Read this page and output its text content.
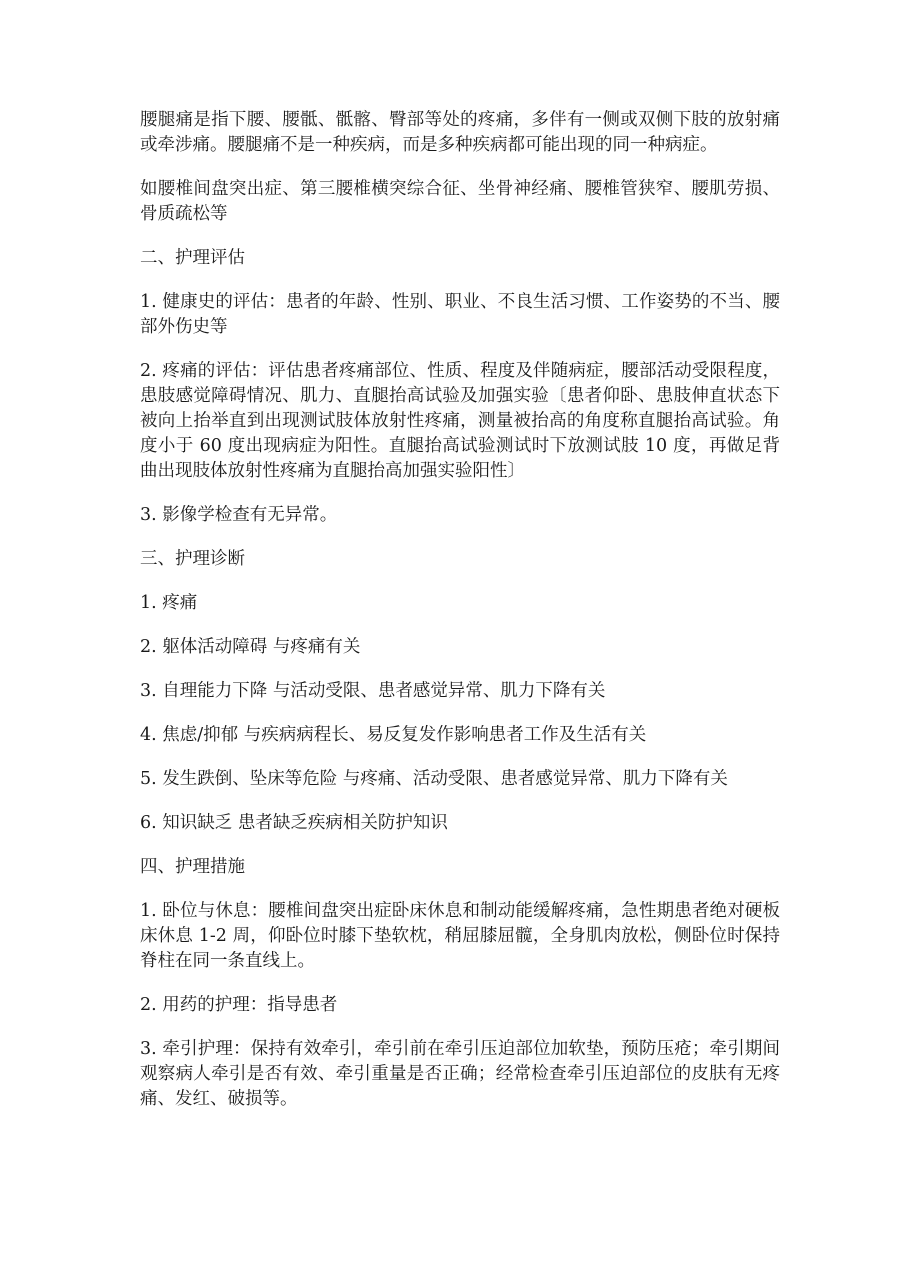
腰腿痛是指下腰、腰骶、骶髂、臀部等处的疼痛，多伴有一侧或双侧下肢的放射痛或牵涉痛。腰腿痛不是一种疾病，而是多种疾病都可能出现的同一种病症。

如腰椎间盘突出症、第三腰椎横突综合征、坐骨神经痛、腰椎管狭窄、腰肌劳损、骨质疏松等

二、护理评估

1. 健康史的评估：患者的年龄、性别、职业、不良生活习惯、工作姿势的不当、腰部外伤史等

2. 疼痛的评估：评估患者疼痛部位、性质、程度及伴随病症，腰部活动受限程度，患肢感觉障碍情况、肌力、直腿抬高试验及加强实验〔患者仰卧、患肢伸直状态下被向上抬举直到出现测试肢体放射性疼痛，测量被抬高的角度称直腿抬高试验。角度小于 60 度出现病症为阳性。直腿抬高试验测试时下放测试肢 10 度，再做足背曲出现肢体放射性疼痛为直腿抬高加强实验阳性〕

3. 影像学检查有无异常。

三、护理诊断

1. 疼痛

2. 躯体活动障碍 与疼痛有关

3. 自理能力下降 与活动受限、患者感觉异常、肌力下降有关

4. 焦虑/抑郁 与疾病病程长、易反复发作影响患者工作及生活有关

5. 发生跌倒、坠床等危险 与疼痛、活动受限、患者感觉异常、肌力下降有关

6. 知识缺乏 患者缺乏疾病相关防护知识

四、护理措施

1. 卧位与休息：腰椎间盘突出症卧床休息和制动能缓解疼痛，急性期患者绝对硬板床休息 1-2 周，仰卧位时膝下垫软枕，稍屈膝屈髋，全身肌肉放松，侧卧位时保持脊柱在同一条直线上。

2. 用药的护理：指导患者

3. 牵引护理：保持有效牵引，牵引前在牵引压迫部位加软垫，预防压疮；牵引期间观察病人牵引是否有效、牵引重量是否正确；经常检查牵引压迫部位的皮肤有无疼痛、发红、破损等。
